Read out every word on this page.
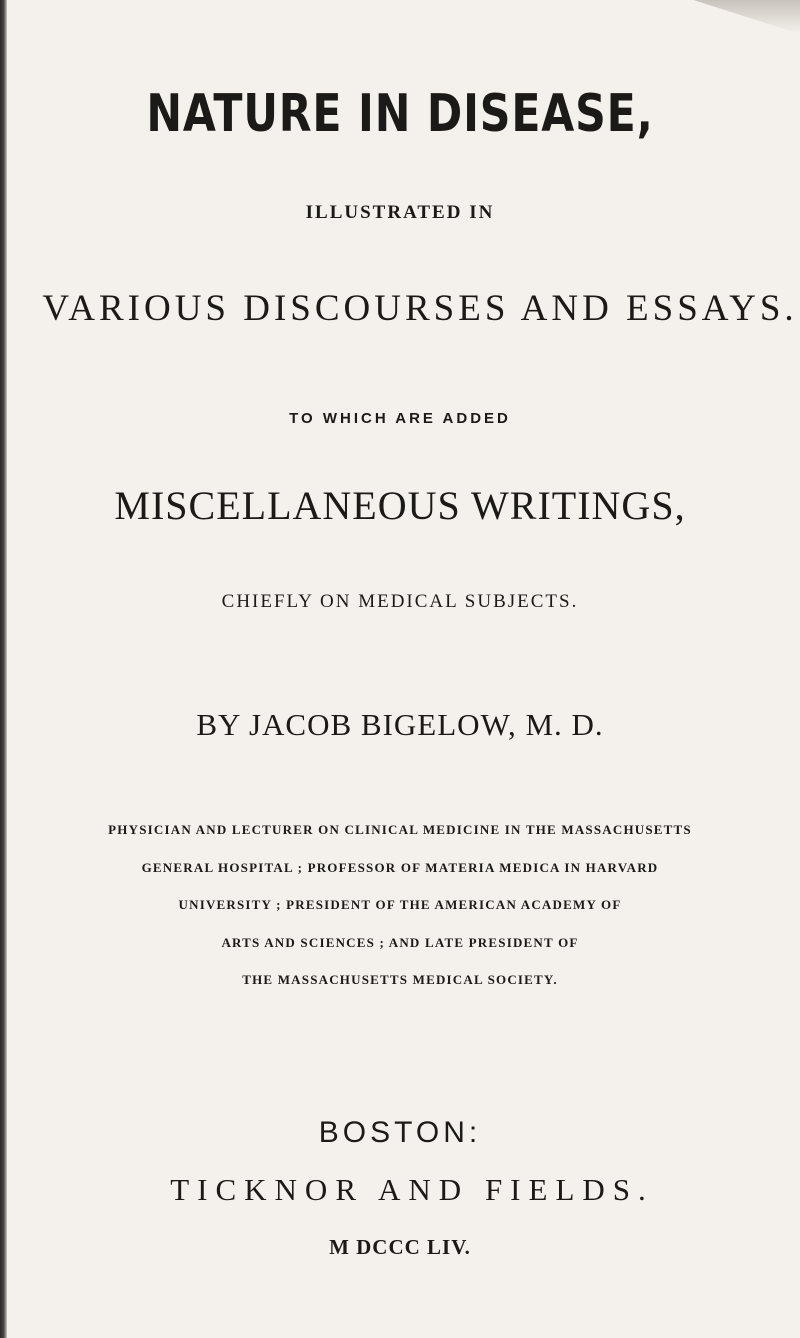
NATURE IN DISEASE,

ILLUSTRATED IN

VARIOUS DISCOURSES AND ESSAYS.

TO WHICH ARE ADDED

MISCELLANEOUS WRITINGS,

CHIEFLY ON MEDICAL SUBJECTS.

BY JACOB BIGELOW, M. D.

PHYSICIAN AND LECTURER ON CLINICAL MEDICINE IN THE MASSACHUSETTS

GENERAL HOSPITAL ; PROFESSOR OF MATERIA MEDICA IN HARVARD

UNIVERSITY ; PRESIDENT OF THE AMERICAN ACADEMY OF

ARTS AND SCIENCES ; AND LATE PRESIDENT OF

THE MASSACHUSETTS MEDICAL SOCIETY.

BOSTON:

TICKNOR AND FIELDS.

M DCCC LIV.
